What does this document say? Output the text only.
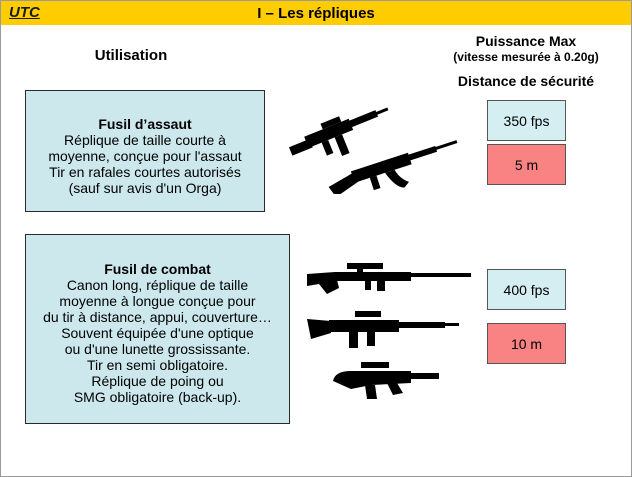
UTC	I – Les répliques
Utilisation
Puissance Max
(vitesse mesurée à 0.20g)
Distance de sécurité
Fusil d’assaut
Réplique de taille courte à
moyenne, conçue pour l'assaut
Tir en rafales courtes autorisés
(sauf sur avis d'un Orga)
Fusil de combat
Canon long, réplique de taille
moyenne à longue conçue pour
du tir à distance, appui, couverture…
Souvent équipée d'une optique
ou d'une lunette grossissante.
Tir en semi obligatoire.
Réplique de poing ou
SMG obligatoire (back-up).
350 fps
5 m
400 fps
10 m
